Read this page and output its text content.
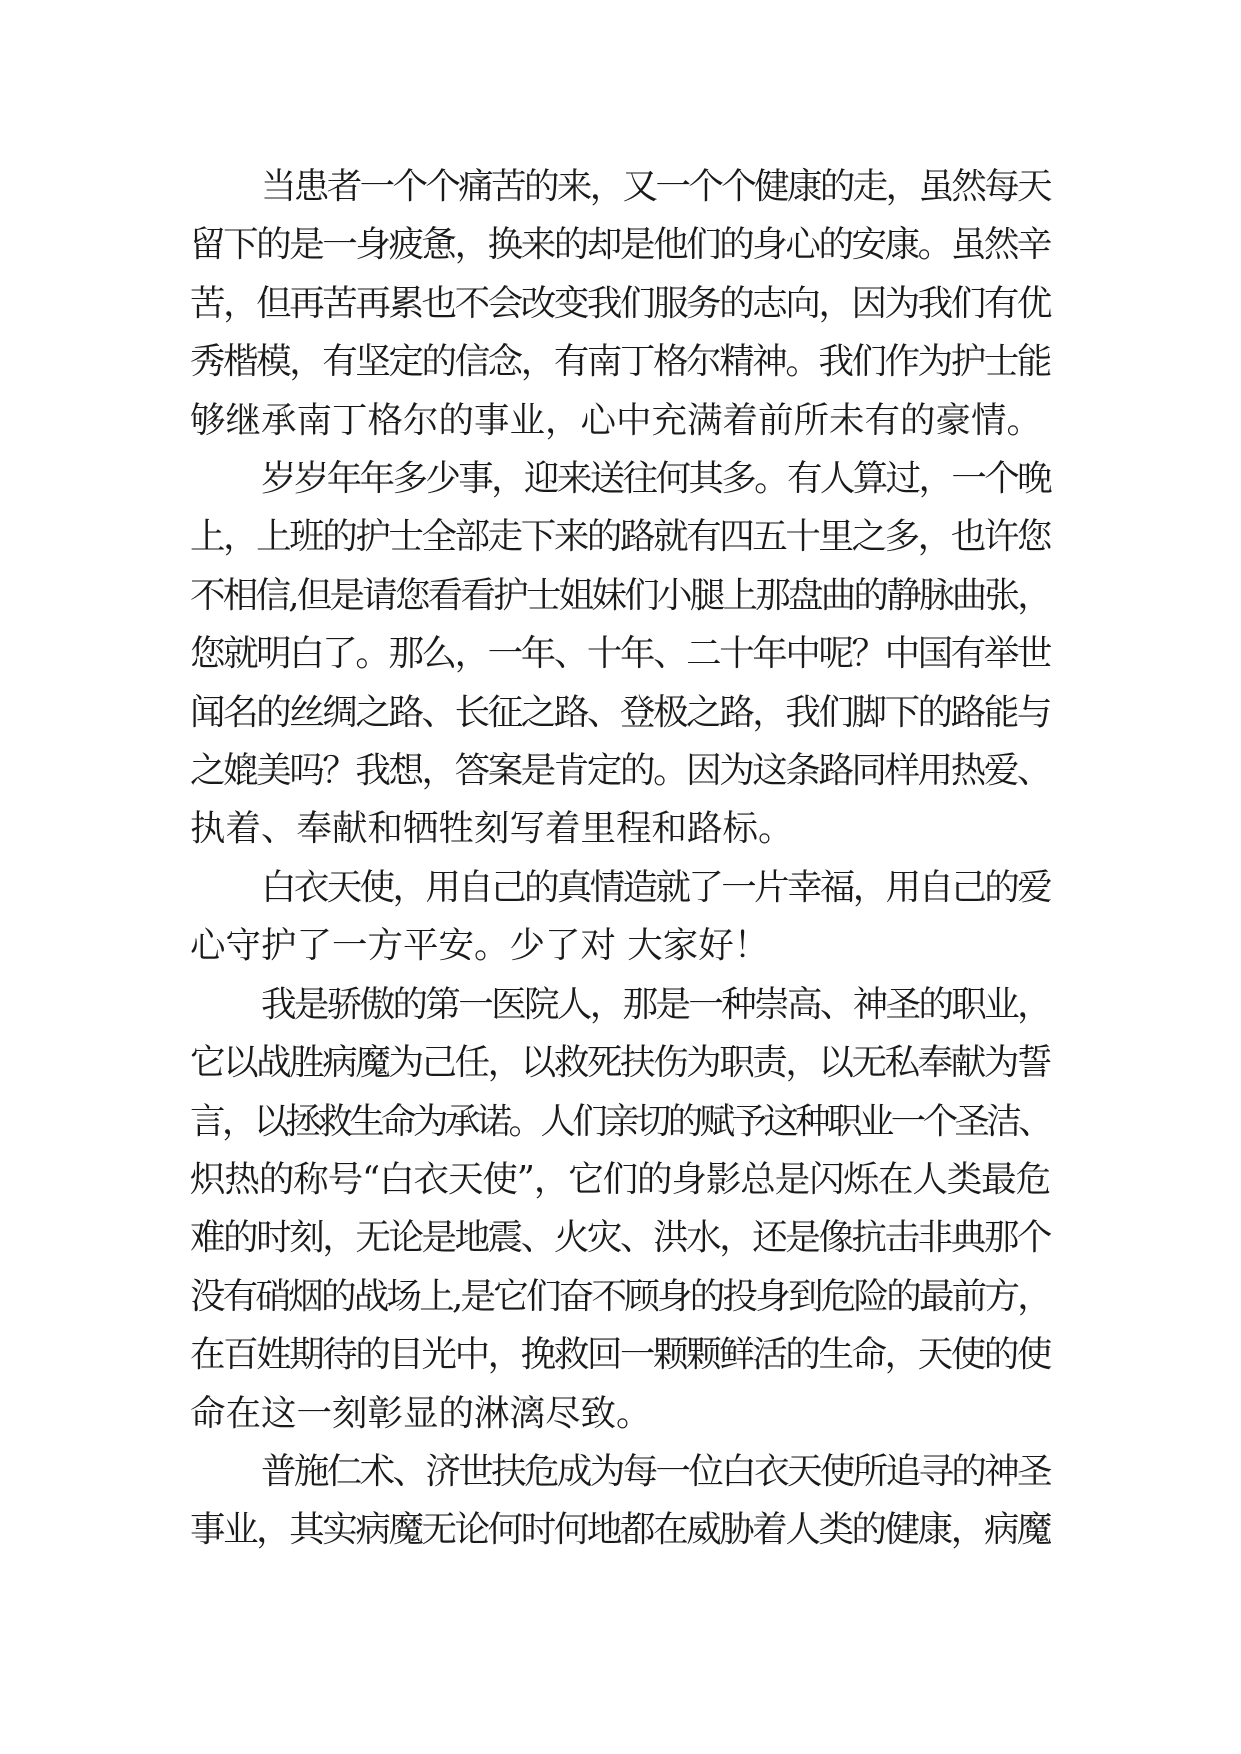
当患者一个个痛苦的来，又一个个健康的走，虽然每天
留下的是一身疲惫，换来的却是他们的身心的安康。虽然辛
苦，但再苦再累也不会改变我们服务的志向，因为我们有优
秀楷模，有坚定的信念，有南丁格尔精神。我们作为护士能
够继承南丁格尔的事业，心中充满着前所未有的豪情。
岁岁年年多少事，迎来送往何其多。有人算过，一个晚
上，上班的护士全部走下来的路就有四五十里之多，也许您
不相信,但是请您看看护士姐妹们小腿上那盘曲的静脉曲张，
您就明白了。那么，一年、十年、二十年中呢？中国有举世
闻名的丝绸之路、长征之路、登极之路，我们脚下的路能与
之媲美吗？我想，答案是肯定的。因为这条路同样用热爱、
执着、奉献和牺牲刻写着里程和路标。
白衣天使，用自己的真情造就了一片幸福，用自己的爱
心守护了一方平安。少了对 大家好！
我是骄傲的第一医院人，那是一种崇高、神圣的职业，
它以战胜病魔为己任，以救死扶伤为职责，以无私奉献为誓
言，以拯救生命为承诺。人们亲切的赋予这种职业一个圣洁、
炽热的称号“白衣天使”，它们的身影总是闪烁在人类最危
难的时刻，无论是地震、火灾、洪水，还是像抗击非典那个
没有硝烟的战场上,是它们奋不顾身的投身到危险的最前方，
在百姓期待的目光中，挽救回一颗颗鲜活的生命，天使的使
命在这一刻彰显的淋漓尽致。
普施仁术、济世扶危成为每一位白衣天使所追寻的神圣
事业，其实病魔无论何时何地都在威胁着人类的健康，病魔
